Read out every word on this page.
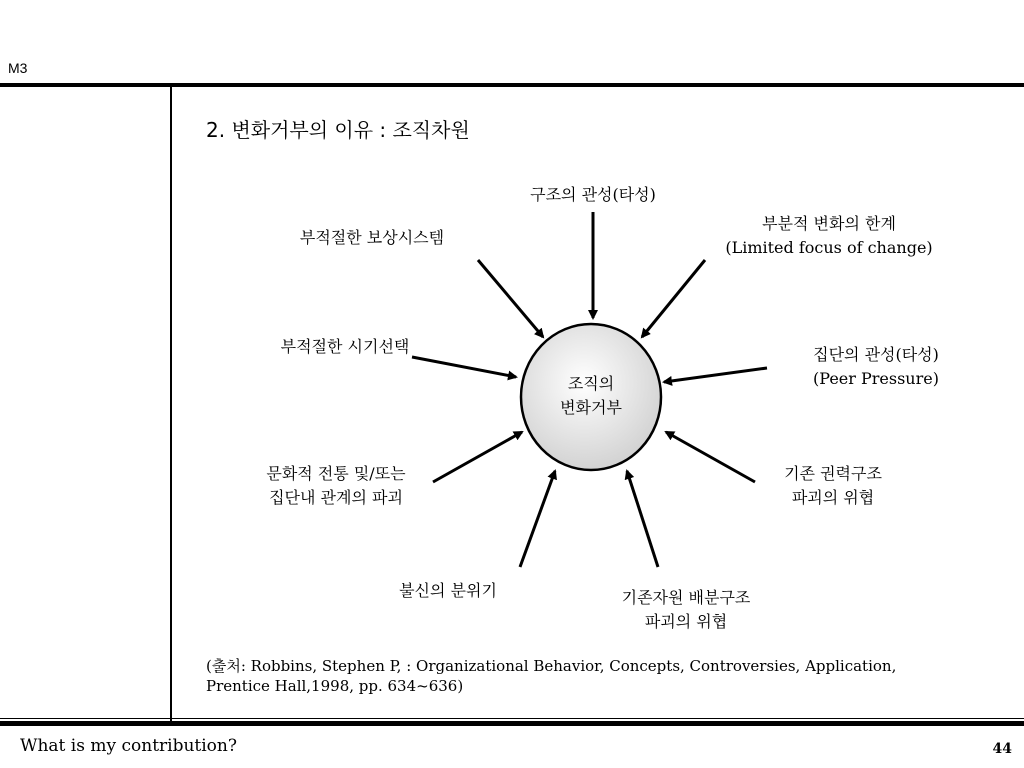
M3
2. 변화거부의 이유 : 조직차원
조직의
변화거부
구조의 관성(타성)
부분적 변화의 한계
(Limited focus of change)
부적절한 보상시스템
부적절한 시기선택	집단의 관성(타성)
(Peer Pressure)
문화적 전통 및/또는
집단내 관계의 파괴
기존 권력구조
파괴의 위협
불신의 분위기	기존자원 배분구조
파괴의 위협
(출처: Robbins, Stephen P, : Organizational Behavior, Concepts, Controversies, Application,
Prentice Hall,1998, pp. 634~636)
What is my contribution?	44
